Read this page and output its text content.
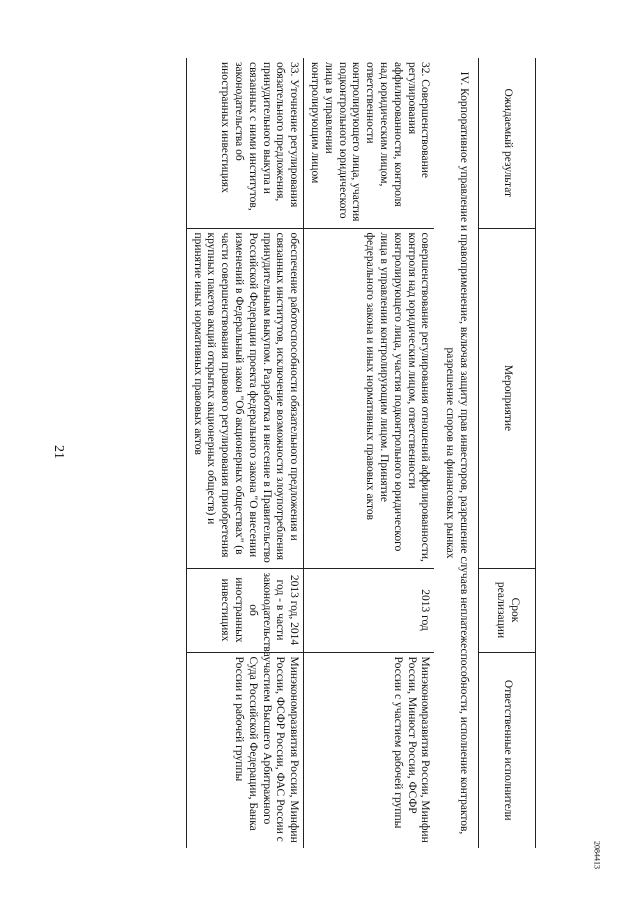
21
Ожидаемый результат	Мероприятие	Срок реализации	Ответственные исполнители
IV. Корпоративное управление и правоприменение, включая защиту прав инвесторов, разрешение случаев неплатежеспособности, исполнение контрактов, разрешение споров на финансовых рынках			
32. Совершенствование регулирования аффилированности, контроля над юридическим лицом, ответственности контролирующего лица, участия подконтрольного юридического лица в управлении контролирующим лицом	совершенствование регулирования отношений аффилированности, контроля над юридическим лицом, ответственности контролирующего лица, участия подконтрольного юридического лица в управлении контролирующим лицом. Принятие федерального закона и иных нормативных правовых актов	2013 год	Минэкономразвития России, Минфин России, Минюст России, ФСФР России с участием рабочей группы
33. Уточнение регулирования обязательного предложения, принудительного выкупа и связанных с ними институтов, законодательства об иностранных инвестициях	обеспечение работоспособности обязательного предложения и связанных институтов, исключение возможности злоупотребления принудительным выкупом. Разработка и внесение в Правительство Российской Федерации проекта федерального закона "О внесении изменений в Федеральный закон "Об акционерных обществах" (в части совершенствования правового регулирования приобретения крупных пакетов акций открытых акционерных обществ) и принятие иных нормативных правовых актов	2013 год, 2014 год - в части законодательства об иностранных инвестициях	Минэкономразвития России, Минфин России, ФСФР России, ФАС России с участием Высшего Арбитражного Суда Российской Федерации, Банка России и рабочей группы
2084413
